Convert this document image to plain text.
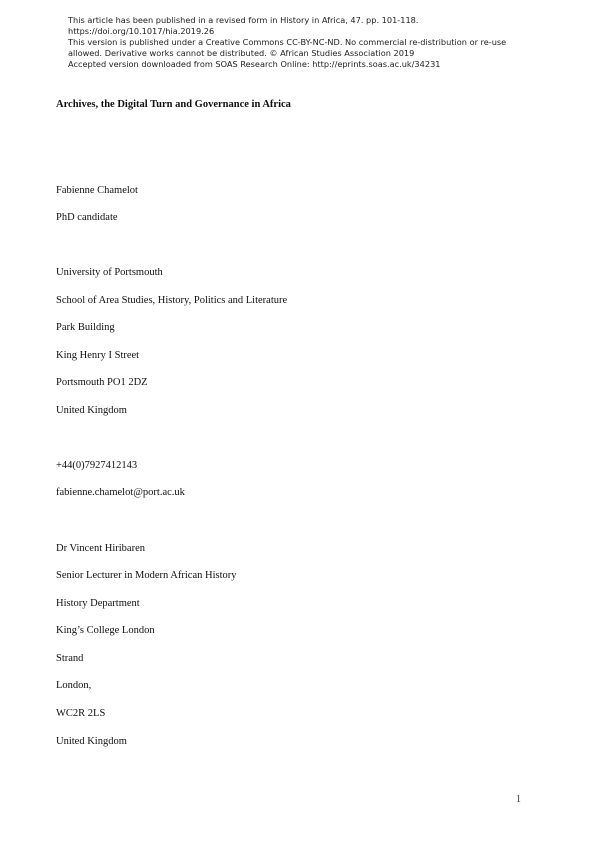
This article has been published in a revised form in History in Africa, 47. pp. 101-118.
https://doi.org/10.1017/hia.2019.26
This version is published under a Creative Commons CC-BY-NC-ND. No commercial re-distribution or re-use
allowed. Derivative works cannot be distributed. © African Studies Association 2019
Accepted version downloaded from SOAS Research Online: http://eprints.soas.ac.uk/34231
Archives, the Digital Turn and Governance in Africa
Fabienne Chamelot
PhD candidate
University of Portsmouth
School of Area Studies, History, Politics and Literature
Park Building
King Henry I Street
Portsmouth PO1 2DZ
United Kingdom
+44(0)7927412143
fabienne.chamelot@port.ac.uk
Dr Vincent Hiribaren
Senior Lecturer in Modern African History
History Department
King’s College London
Strand
London,
WC2R 2LS
United Kingdom
1
